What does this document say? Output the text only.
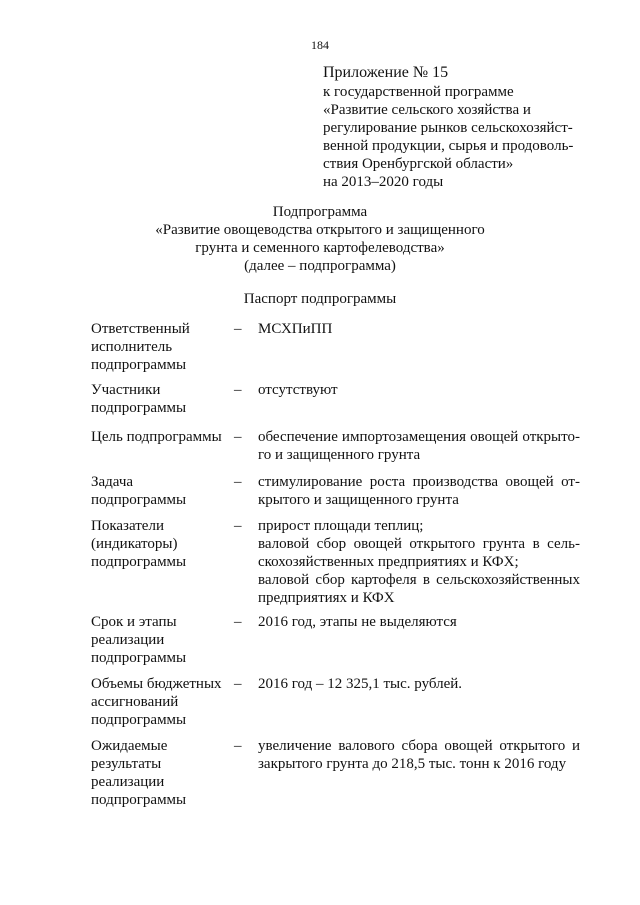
184
Приложение № 15
к государственной программе
«Развитие сельского хозяйства и
регулирование рынков сельскохозяйст-
венной продукции, сырья и продоволь-
ствия Оренбургской области»
на 2013–2020 годы
Подпрограмма
«Развитие овощеводства открытого и защищенного
грунта и семенного картофелеводства»
(далее – подпрограмма)
Паспорт подпрограммы
Ответственный
исполнитель
подпрограммы
– МСХПиПП
Участники
подпрограммы
– отсутствуют
Цель подпрограммы – обеспечение импортозамещения овощей открыто-
го и защищенного грунта
Задача
подпрограммы
– стимулирование роста производства овощей от-
крытого и защищенного грунта
Показатели
(индикаторы)
подпрограммы
– прирост площади теплиц;
валовой сбор овощей открытого грунта в сель-
скохозяйственных предприятиях и КФХ;
валовой сбор картофеля в сельскохозяйственных
предприятиях и КФХ
Срок и этапы
реализации
подпрограммы
– 2016 год, этапы не выделяются
Объемы бюджетных
ассигнований
подпрограммы
– 2016 год – 12 325,1 тыс. рублей.
Ожидаемые
результаты
реализации
подпрограммы
– увеличение валового сбора овощей открытого и
закрытого грунта до 218,5 тыс. тонн к 2016 году
